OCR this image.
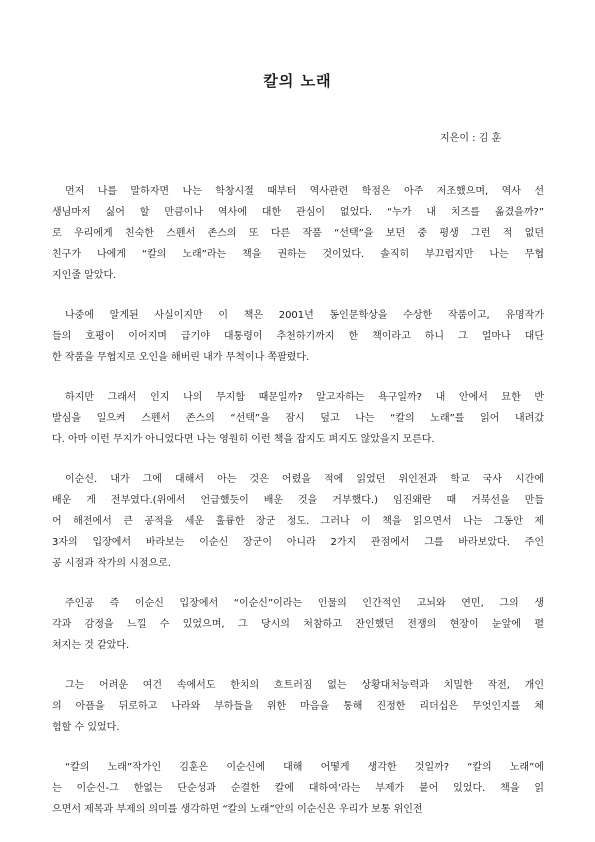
칼의 노래
지은이 : 김 훈
먼저 나를 말하자면 나는 학창시절 때부터 역사관련 학점은 아주 저조했으며, 역사 선
생님마저 싫어 할 만큼이나 역사에 대한 관심이 없었다. “누가 내 치즈를 옮겼을까?”
로 우리에게 친숙한 스펜서 존스의 또 다른 작품 “선택”을 보던 중 평생 그런 적 없던
친구가 나에게 “칼의 노래”라는 책을 권하는 것이었다. 솔직히 부끄럽지만 나는 무협
지인줄 알았다.
나중에 알게된 사실이지만 이 책은 2001년 동인문학상을 수상한 작품이고, 유명작가
들의 호평이 이어지며 급기야 대통령이 추천하기까지 한 책이라고 하니 그 얼마나 대단
한 작품을 무협지로 오인을 해버린 내가 무척이나 쪽팔렸다.
하지만 그래서 인지 나의 무지함 때문일까? 알고자하는 욕구일까? 내 안에서 묘한 반
발심을 일으켜 스펜서 존스의 “선택”을 잠시 덮고 나는 “칼의 노래”를 읽어 내려갔
다. 아마 이런 무지가 아니었다면 나는 영원히 이런 책을 잡지도 펴지도 않았을지 모른다.
이순신. 내가 그에 대해서 아는 것은 어렸을 적에 읽었던 위인전과 학교 국사 시간에
배운 게 전부였다.(위에서 언급했듯이 배운 것을 거부했다.) 임진왜란 때 거북선을 만들
어 해전에서 큰 공적을 세운 훌륭한 장군 정도. 그러나 이 책을 읽으면서 나는 그동안 제
3자의 입장에서 바라보는 이순신 장군이 아니라 2가지 관점에서 그를 바라보았다. 주인
공 시점과 작가의 시점으로.
주인공 즉 이순신 입장에서 “이순신”이라는 인물의 인간적인 고뇌와 연민, 그의 생
각과 감정을 느낄 수 있었으며, 그 당시의 처참하고 잔인했던 전쟁의 현장이 눈앞에 펼
쳐지는 것 같았다.
그는 어려운 여건 속에서도 한치의 흐트러짐 없는 상황대처능력과 치밀한 작전, 개인
의 아픔을 뒤로하고 나라와 부하들을 위한 마음을 통해 진정한 리더십은 무엇인지를 체
험할 수 있었다.
“칼의 노래”작가인 김훈은 이순신에 대해 어떻게 생각한 것일까? “칼의 노래”에
는 이순신-그 한없는 단순성과 순결한 칼에 대하여’라는 부제가 붙어 있었다. 책을 읽
으면서 제목과 부제의 의미를 생각하면 “칼의 노래”안의 이순신은 우리가 보통 위인전
